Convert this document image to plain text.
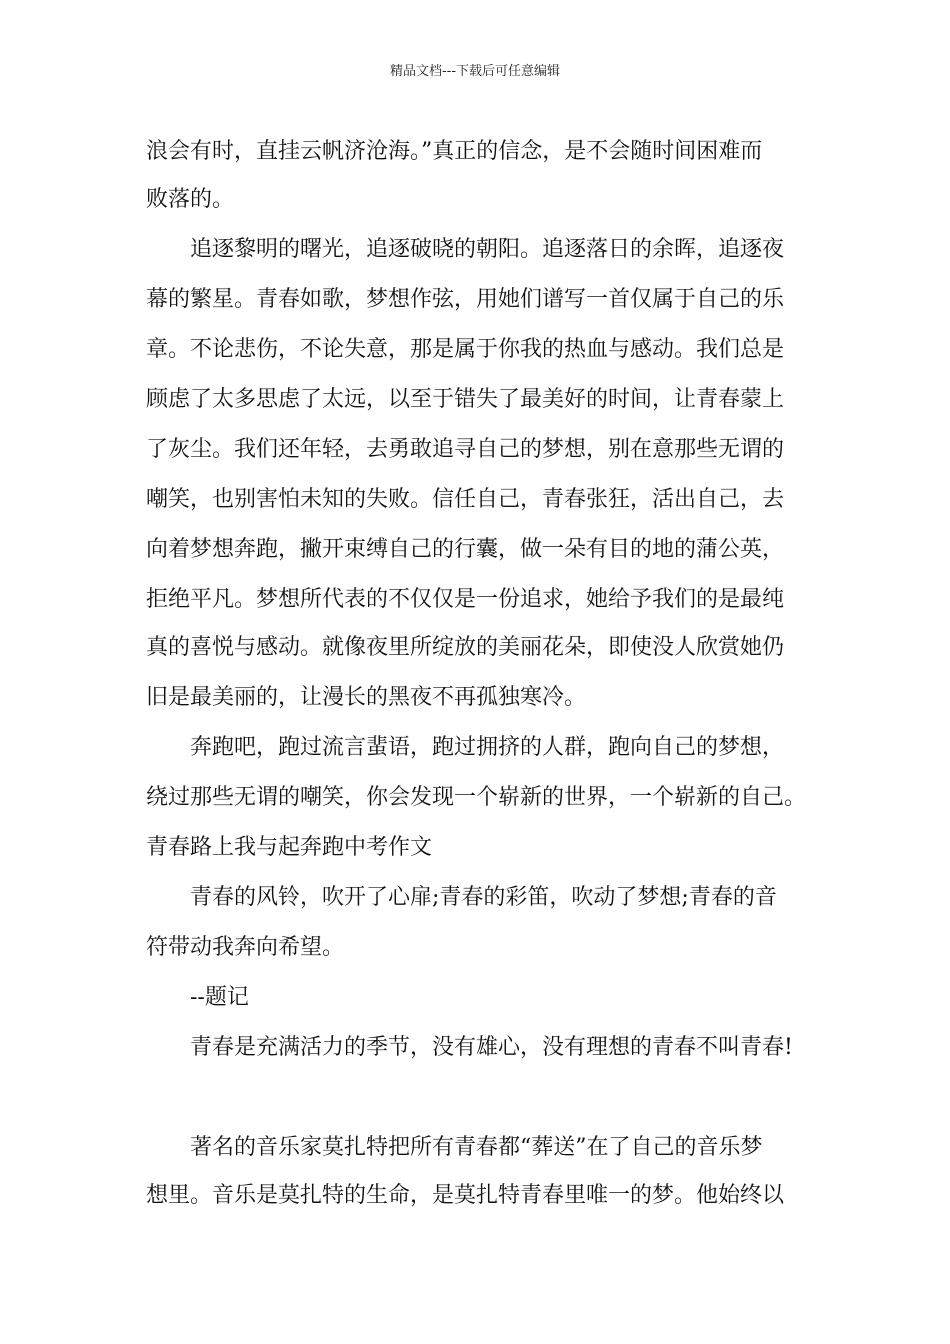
精品文档---下载后可任意编辑
浪会有时，直挂云帆济沧海。”真正的信念，是不会随时间困难而
败落的。
追逐黎明的曙光，追逐破晓的朝阳。追逐落日的余晖，追逐夜
幕的繁星。青春如歌，梦想作弦，用她们谱写一首仅属于自己的乐
章。不论悲伤，不论失意，那是属于你我的热血与感动。我们总是
顾虑了太多思虑了太远，以至于错失了最美好的时间，让青春蒙上
了灰尘。我们还年轻，去勇敢追寻自己的梦想，别在意那些无谓的
嘲笑，也别害怕未知的失败。信任自己，青春张狂，活出自己，去
向着梦想奔跑，撇开束缚自己的行囊，做一朵有目的地的蒲公英，
拒绝平凡。梦想所代表的不仅仅是一份追求，她给予我们的是最纯
真的喜悦与感动。就像夜里所绽放的美丽花朵，即使没人欣赏她仍
旧是最美丽的，让漫长的黑夜不再孤独寒冷。
奔跑吧，跑过流言蜚语，跑过拥挤的人群，跑向自己的梦想，
绕过那些无谓的嘲笑，你会发现一个崭新的世界，一个崭新的自己。
青春路上我与起奔跑中考作文
青春的风铃，吹开了心扉;青春的彩笛，吹动了梦想;青春的音
符带动我奔向希望。
--题记
青春是充满活力的季节，没有雄心，没有理想的青春不叫青春!
著名的音乐家莫扎特把所有青春都“葬送”在了自己的音乐梦
想里。音乐是莫扎特的生命，是莫扎特青春里唯一的梦。他始终以
